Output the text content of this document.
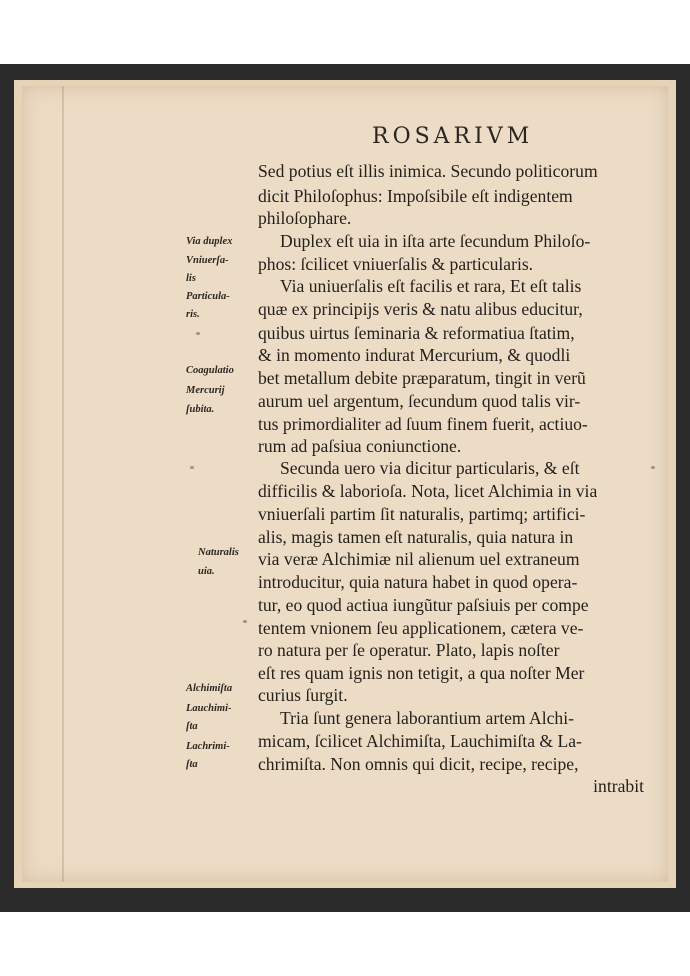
ROSARIVM
Sed potius eſt illis inimica. Secundo politicorum
dicit Philoſophus: Impoſsibile eſt indigentem
philoſophare.
Duplex eſt uia in iſta arte ſecundum Philoſo-
phos: ſcilicet vniuerſalis & particularis.
Via uniuerſalis eſt facilis et rara, Et eſt talis
quæ ex principijs veris & natu alibus educitur,
quibus uirtus ſeminaria & reformatiua ſtatim,
& in momento indurat Mercurium, & quodli
bet metallum debite præparatum, tingit in verũ
aurum uel argentum, ſecundum quod talis vir-
tus primordialiter ad ſuum finem fuerit, actiuo-
rum ad paſsiua coniunctione.
Secunda uero via dicitur particularis, & eſt
difficilis & laborioſa. Nota, licet Alchimia in via
vniuerſali partim ſit naturalis, partimq; artifici-
alis, magis tamen eſt naturalis, quia natura in
via veræ Alchimiæ nil alienum uel extraneum
introducitur, quia natura habet in quod opera-
tur, eo quod actiua iungũtur paſsiuis per compe
tentem vnionem ſeu applicationem, cætera ve-
ro natura per ſe operatur. Plato, lapis noſter
eſt res quam ignis non tetigit, a qua noſter Mer
curius ſurgit.
Tria ſunt genera laborantium artem Alchi-
micam, ſcilicet Alchimiſta, Lauchimiſta & La-
chrimiſta. Non omnis qui dicit, recipe, recipe,
intrabit
Via duplex
Vniuerſa-
lis
Particula-
ris.
Coagulatio
Mercurij
ſubita.
Naturalis
uia.
Alchimiſta
Lauchimi-
ſta
Lachrimi-
ſta
